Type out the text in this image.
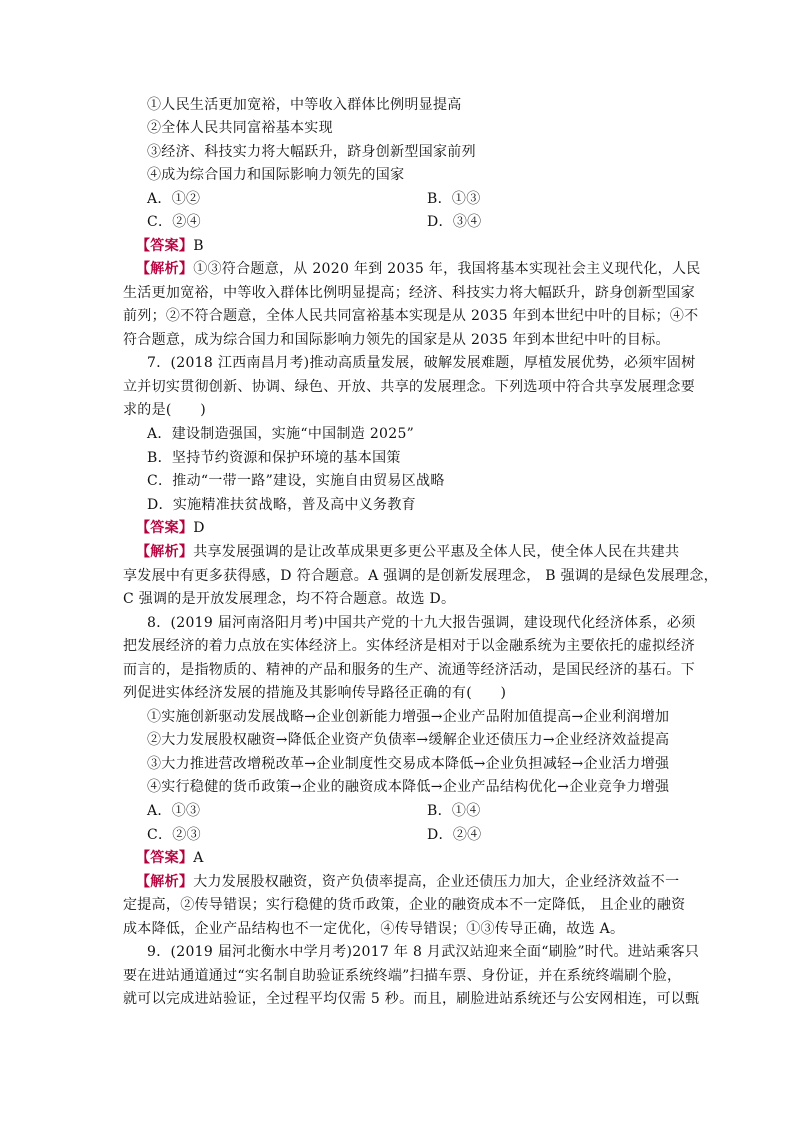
①人民生活更加宽裕，中等收入群体比例明显提高
②全体人民共同富裕基本实现
③经济、科技实力将大幅跃升，跻身创新型国家前列
④成为综合国力和国际影响力领先的国家
A．①②	B．①③
C．②④	D．③④
【答案】B
【解析】①③符合题意，从 2020 年到 2035 年，我国将基本实现社会主义现代化，人民
生活更加宽裕，中等收入群体比例明显提高；经济、科技实力将大幅跃升，跻身创新型国家
前列；②不符合题意，全体人民共同富裕基本实现是从 2035 年到本世纪中叶的目标；④不
符合题意，成为综合国力和国际影响力领先的国家是从 2035 年到本世纪中叶的目标。
7．(2018 江西南昌月考)推动高质量发展，破解发展难题，厚植发展优势，必须牢固树
立并切实贯彻创新、协调、绿色、开放、共享的发展理念。下列选项中符合共享发展理念要
求的是(　　)
A．建设制造强国，实施“中国制造 2025”
B．坚持节约资源和保护环境的基本国策
C．推动“一带一路”建设，实施自由贸易区战略
D．实施精准扶贫战略，普及高中义务教育
【答案】D
【解析】共享发展强调的是让改革成果更多更公平惠及全体人民，使全体人民在共建共
享发展中有更多获得感，D 符合题意。A 强调的是创新发展理念， B 强调的是绿色发展理念，
C 强调的是开放发展理念，均不符合题意。故选 D。
8．(2019 届河南洛阳月考)中国共产党的十九大报告强调，建设现代化经济体系，必须
把发展经济的着力点放在实体经济上。实体经济是相对于以金融系统为主要依托的虚拟经济
而言的，是指物质的、精神的产品和服务的生产、流通等经济活动，是国民经济的基石。下
列促进实体经济发展的措施及其影响传导路径正确的有(　　)
①实施创新驱动发展战略→企业创新能力增强→企业产品附加值提高→企业利润增加
②大力发展股权融资→降低企业资产负债率→缓解企业还债压力→企业经济效益提高
③大力推进营改增税改革→企业制度性交易成本降低→企业负担减轻→企业活力增强
④实行稳健的货币政策→企业的融资成本降低→企业产品结构优化→企业竞争力增强
A．①③	B．①④
C．②③	D．②④
【答案】A
【解析】大力发展股权融资，资产负债率提高，企业还债压力加大，企业经济效益不一
定提高，②传导错误；实行稳健的货币政策，企业的融资成本不一定降低， 且企业的融资
成本降低，企业产品结构也不一定优化，④传导错误；①③传导正确，故选 A。
9．(2019 届河北衡水中学月考)2017 年 8 月武汉站迎来全面“刷脸”时代。进站乘客只
要在进站通道通过“实名制自助验证系统终端”扫描车票、身份证，并在系统终端刷个脸，
就可以完成进站验证，全过程平均仅需 5 秒。而且，刷脸进站系统还与公安网相连，可以甄
